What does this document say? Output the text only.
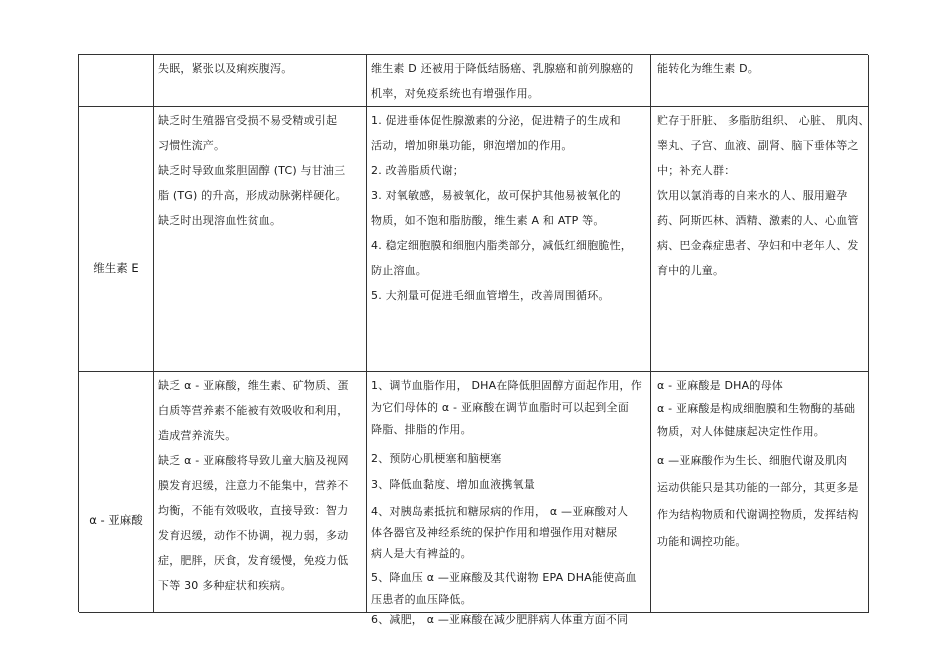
失眠，紧张以及痢疾腹泻。	维生素 D 还被用于降低结肠癌、乳腺癌和前列腺癌的
机率，对免疫系统也有增强作用。
能转化为维生素 D。
维生素 E
缺乏时生殖器官受损不易受精或引起
习惯性流产。
缺乏时导致血浆胆固醇 (TC) 与甘油三
脂 (TG) 的升高，形成动脉粥样硬化。
缺乏时出现溶血性贫血。
1. 促进垂体促性腺激素的分泌，促进精子的生成和
活动，增加卵巢功能，卵泡增加的作用。
2. 改善脂质代谢；
3. 对氧敏感，易被氧化，故可保护其他易被氧化的
物质，如不饱和脂肪酸，维生素 A 和 ATP 等。
4. 稳定细胞膜和细胞内脂类部分，减低红细胞脆性，
防止溶血。
5. 大剂量可促进毛细血管增生，改善周围循环。
贮存于肝脏、 多脂肪组织、 心脏、 肌肉、
睾丸、子宫、血液、副肾、脑下垂体等之
中；补充人群：
饮用以氯消毒的自来水的人、服用避孕
药、阿斯匹林、酒精、激素的人、心血管
病、巴金森症患者、孕妇和中老年人、发
育中的儿童。
α - 亚麻酸
缺乏 α - 亚麻酸，维生素、矿物质、蛋
白质等营养素不能被有效吸收和利用，
造成营养流失。
缺乏 α - 亚麻酸将导致儿童大脑及视网
膜发育迟缓，注意力不能集中，营养不
均衡，不能有效吸收，直接导致：智力
发育迟缓，动作不协调，视力弱，多动
症，肥胖，厌食，发育缓慢，免疫力低
下等 30 多种症状和疾病。
1、调节血脂作用， DHA在降低胆固醇方面起作用，作
为它们母体的 α - 亚麻酸在调节血脂时可以起到全面
降脂、排脂的作用。
2、预防心肌梗塞和脑梗塞
3、降低血黏度、增加血液携氧量
4、对胰岛素抵抗和糖尿病的作用， α —亚麻酸对人
体各器官及神经系统的保护作用和增强作用对糖尿
病人是大有裨益的。
5、降血压 α —亚麻酸及其代谢物 EPA DHA能使高血
压患者的血压降低。
6、减肥， α —亚麻酸在减少肥胖病人体重方面不同
α - 亚麻酸是 DHA的母体
α - 亚麻酸是构成细胞膜和生物酶的基础
物质，对人体健康起决定性作用。
α —亚麻酸作为生长、细胞代谢及肌肉
运动供能只是其功能的一部分，其更多是
作为结构物质和代谢调控物质，发挥结构
功能和调控功能。
